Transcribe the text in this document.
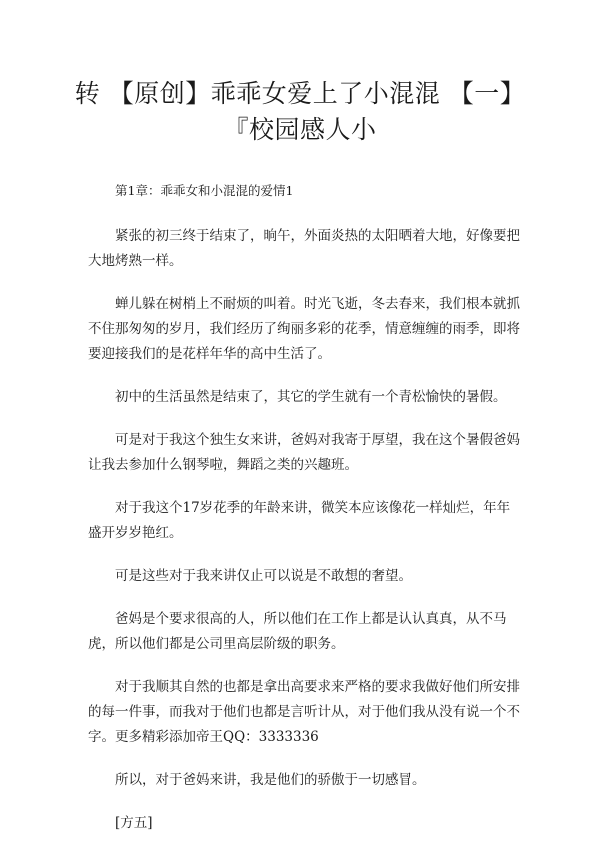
转 【原创】乖乖女爱上了小混混 【一】『校园感人小

第1章：乖乖女和小混混的爱情1

紧张的初三终于结束了，晌午，外面炎热的太阳晒着大地，好像要把大地烤熟一样。

蝉儿躲在树梢上不耐烦的叫着。时光飞逝，冬去春来，我们根本就抓不住那匆匆的岁月，我们经历了绚丽多彩的花季，情意缠缠的雨季，即将要迎接我们的是花样年华的高中生活了。

初中的生活虽然是结束了，其它的学生就有一个青松愉快的暑假。

可是对于我这个独生女来讲，爸妈对我寄于厚望，我在这个暑假爸妈让我去参加什么钢琴啦，舞蹈之类的兴趣班。

对于我这个17岁花季的年龄来讲，微笑本应该像花一样灿烂，年年盛开岁岁艳红。

可是这些对于我来讲仅止可以说是不敢想的奢望。

爸妈是个要求很高的人，所以他们在工作上都是认认真真，从不马虎，所以他们都是公司里高层阶级的职务。

对于我顺其自然的也都是拿出高要求来严格的要求我做好他们所安排的每一件事，而我对于他们也都是言听计从，对于他们我从没有说一个不字。更多精彩添加帝王QQ：3333336

所以，对于爸妈来讲，我是他们的骄傲于一切感冒。

[方五]
